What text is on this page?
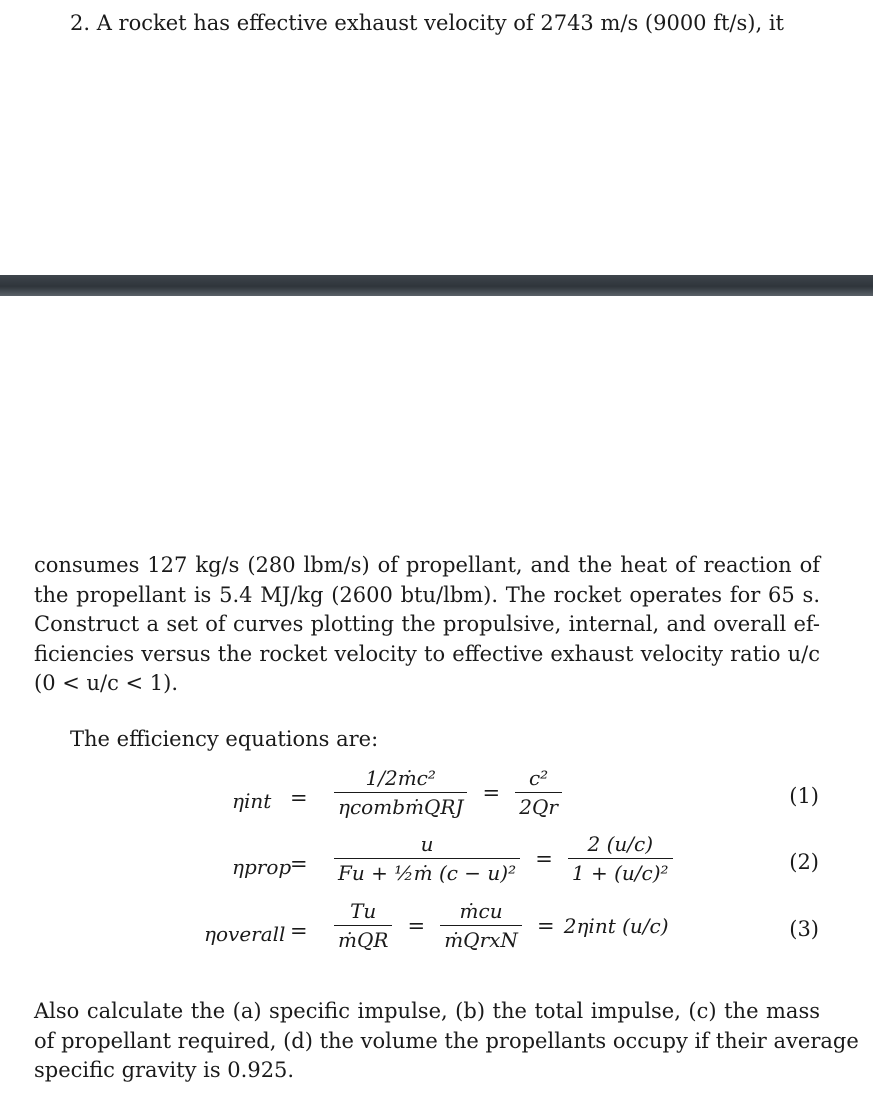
2. A rocket has effective exhaust velocity of 2743 m/s (9000 ft/s), it
consumes 127 kg/s (280 lbm/s) of propellant, and the heat of reaction of
the propellant is 5.4 MJ/kg (2600 btu/lbm). The rocket operates for 65 s.
Construct a set of curves plotting the propulsive, internal, and overall ef-
ficiencies versus the rocket velocity to effective exhaust velocity ratio u/c
(0 < u/c < 1).
The efficiency equations are:
$\eta int = \frac{\text{1/2ṁc²}}{\text{ηcombṁQRJ}} = \frac{\text{c²}}{2Qr}$	(1)
ηprop
= $\frac{u}{\text{Fu + ½ṁ (c − u)²}} = \frac{2 (u/c)}{\text{1 + (u/c)²}}$	(2)
ηoverall = $\frac{Tu}{\text{ṁQR}} = \frac{\text{ṁcu}}{\text{ṁQrxN}} = 2\eta int$ (u/c)	(3)
Also calculate the (a) specific impulse, (b) the total impulse, (c) the mass
of propellant required, (d) the volume the propellants occupy if their average
specific gravity is 0.925.
